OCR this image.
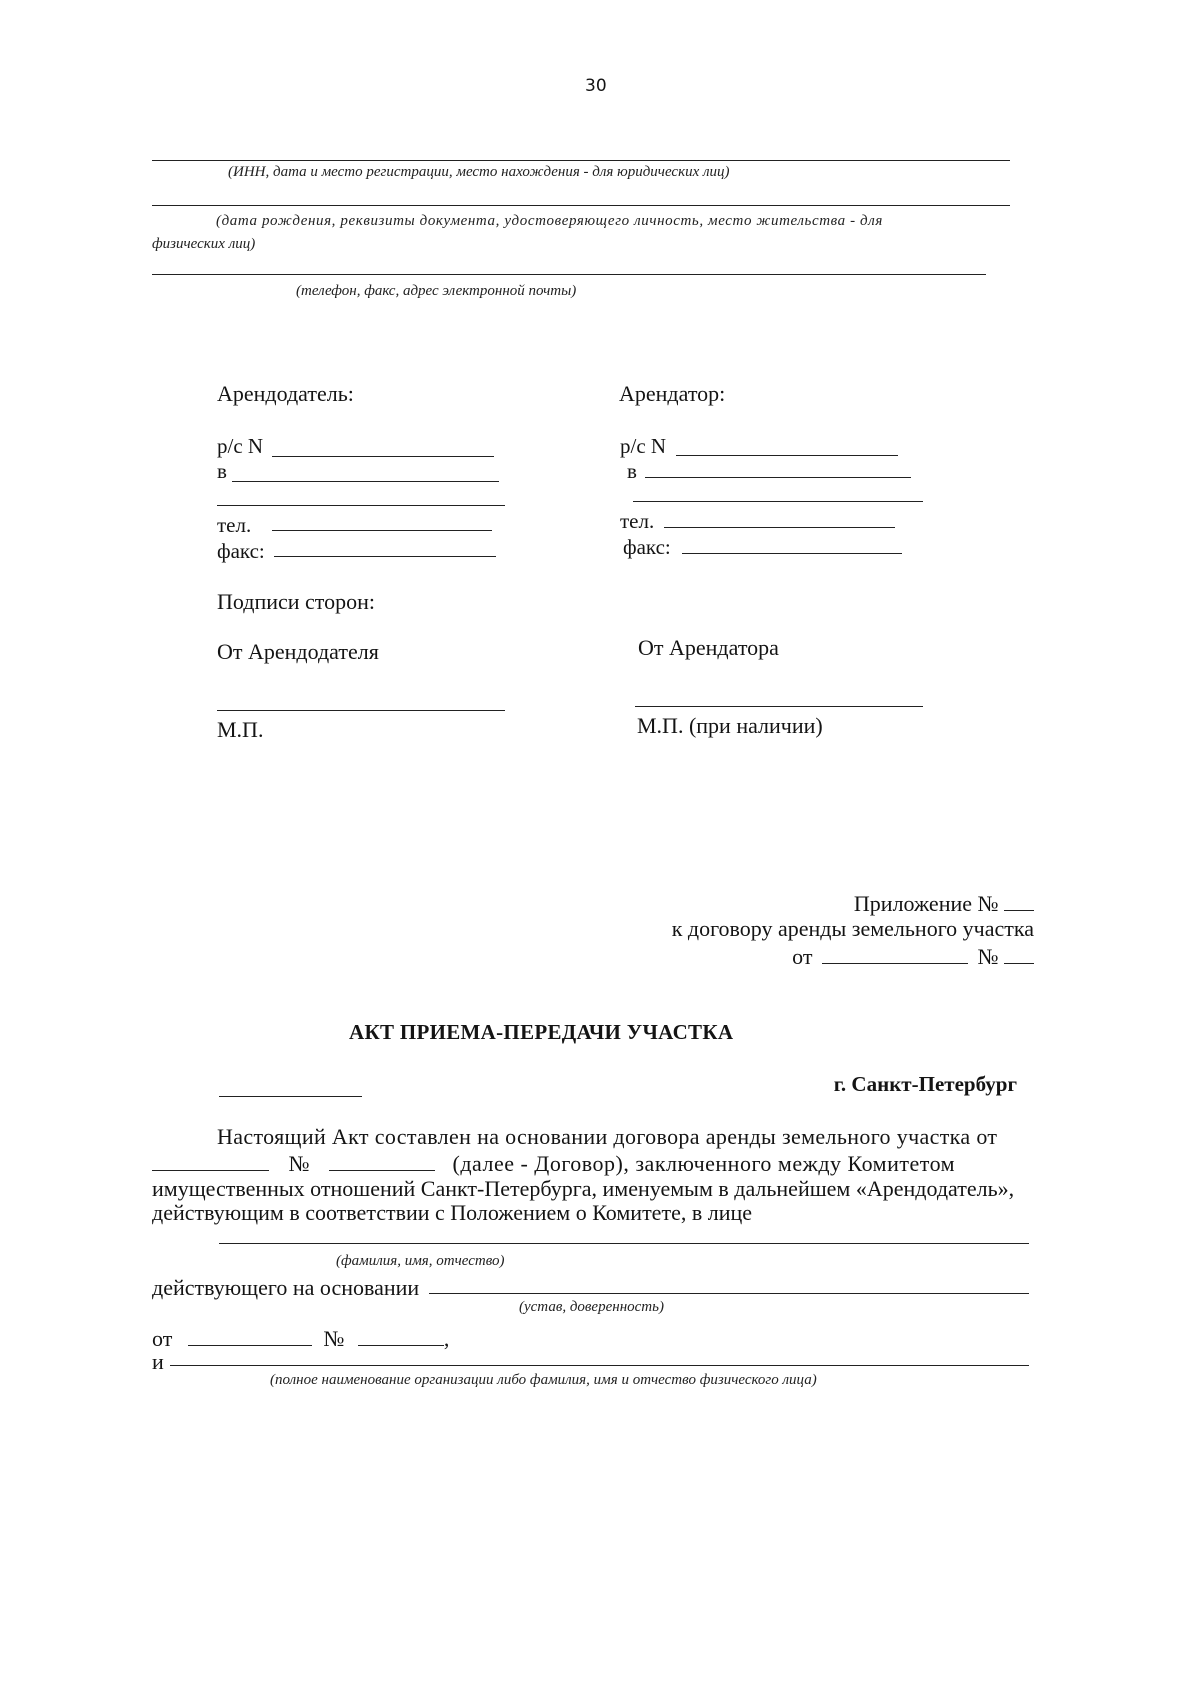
30
(ИНН, дата и место регистрации, место нахождения - для юридических лиц)
(дата рождения, реквизиты документа, удостоверяющего личность, место жительства - для
физических лиц)
(телефон, факс, адрес электронной почты)
Арендодатель:
р/с N
в
тел.
факс:
Арендатор:
р/с N
в
тел.
факс:
Подписи сторон:
От Арендодателя	От Арендатора
М.П.	М.П. (при наличии)
Приложение №
к договору аренды земельного участка
от	№
АКТ ПРИЕМА-ПЕРЕДАЧИ УЧАСТКА
г. Санкт-Петербург
Настоящий Акт составлен на основании договора аренды земельного участка от
№	(далее - Договор), заключенного между Комитетом
имущественных отношений Санкт-Петербурга, именуемым в дальнейшем «Арендодатель»,
действующим в соответствии с Положением о Комитете, в лице
(фамилия, имя, отчество)
действующего на основании
(устав, доверенность)
от	№	,
и
(полное наименование организации либо фамилия, имя и отчество физического лица)
